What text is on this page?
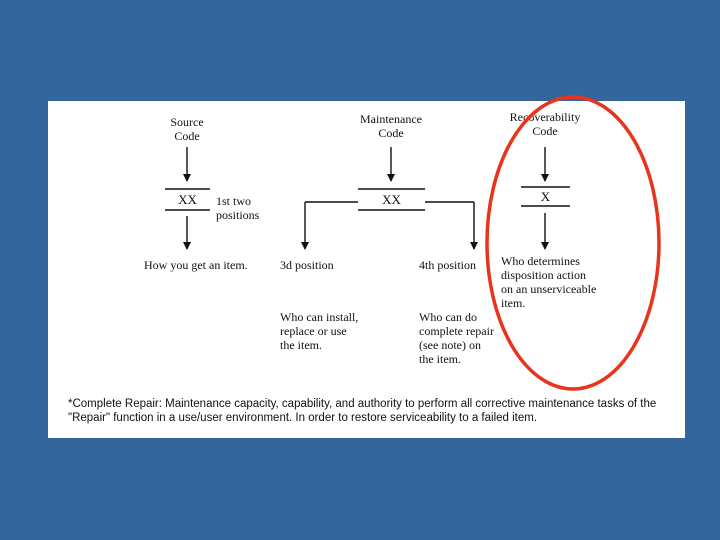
Source
Code
XX	1st two
positions
How you get an item.
Maintenance
Code
XX
3d position
Who can install,
replace or use
the item.
4th position
Who can do
complete repair
(see note) on
the item.
Recoverability
Code
X
Who determines
disposition action
on an unserviceable
item.
*Complete Repair: Maintenance capacity, capability, and authority to perform all corrective maintenance tasks of the
"Repair" function in a use/user environment. In order to restore serviceability to a failed item.
